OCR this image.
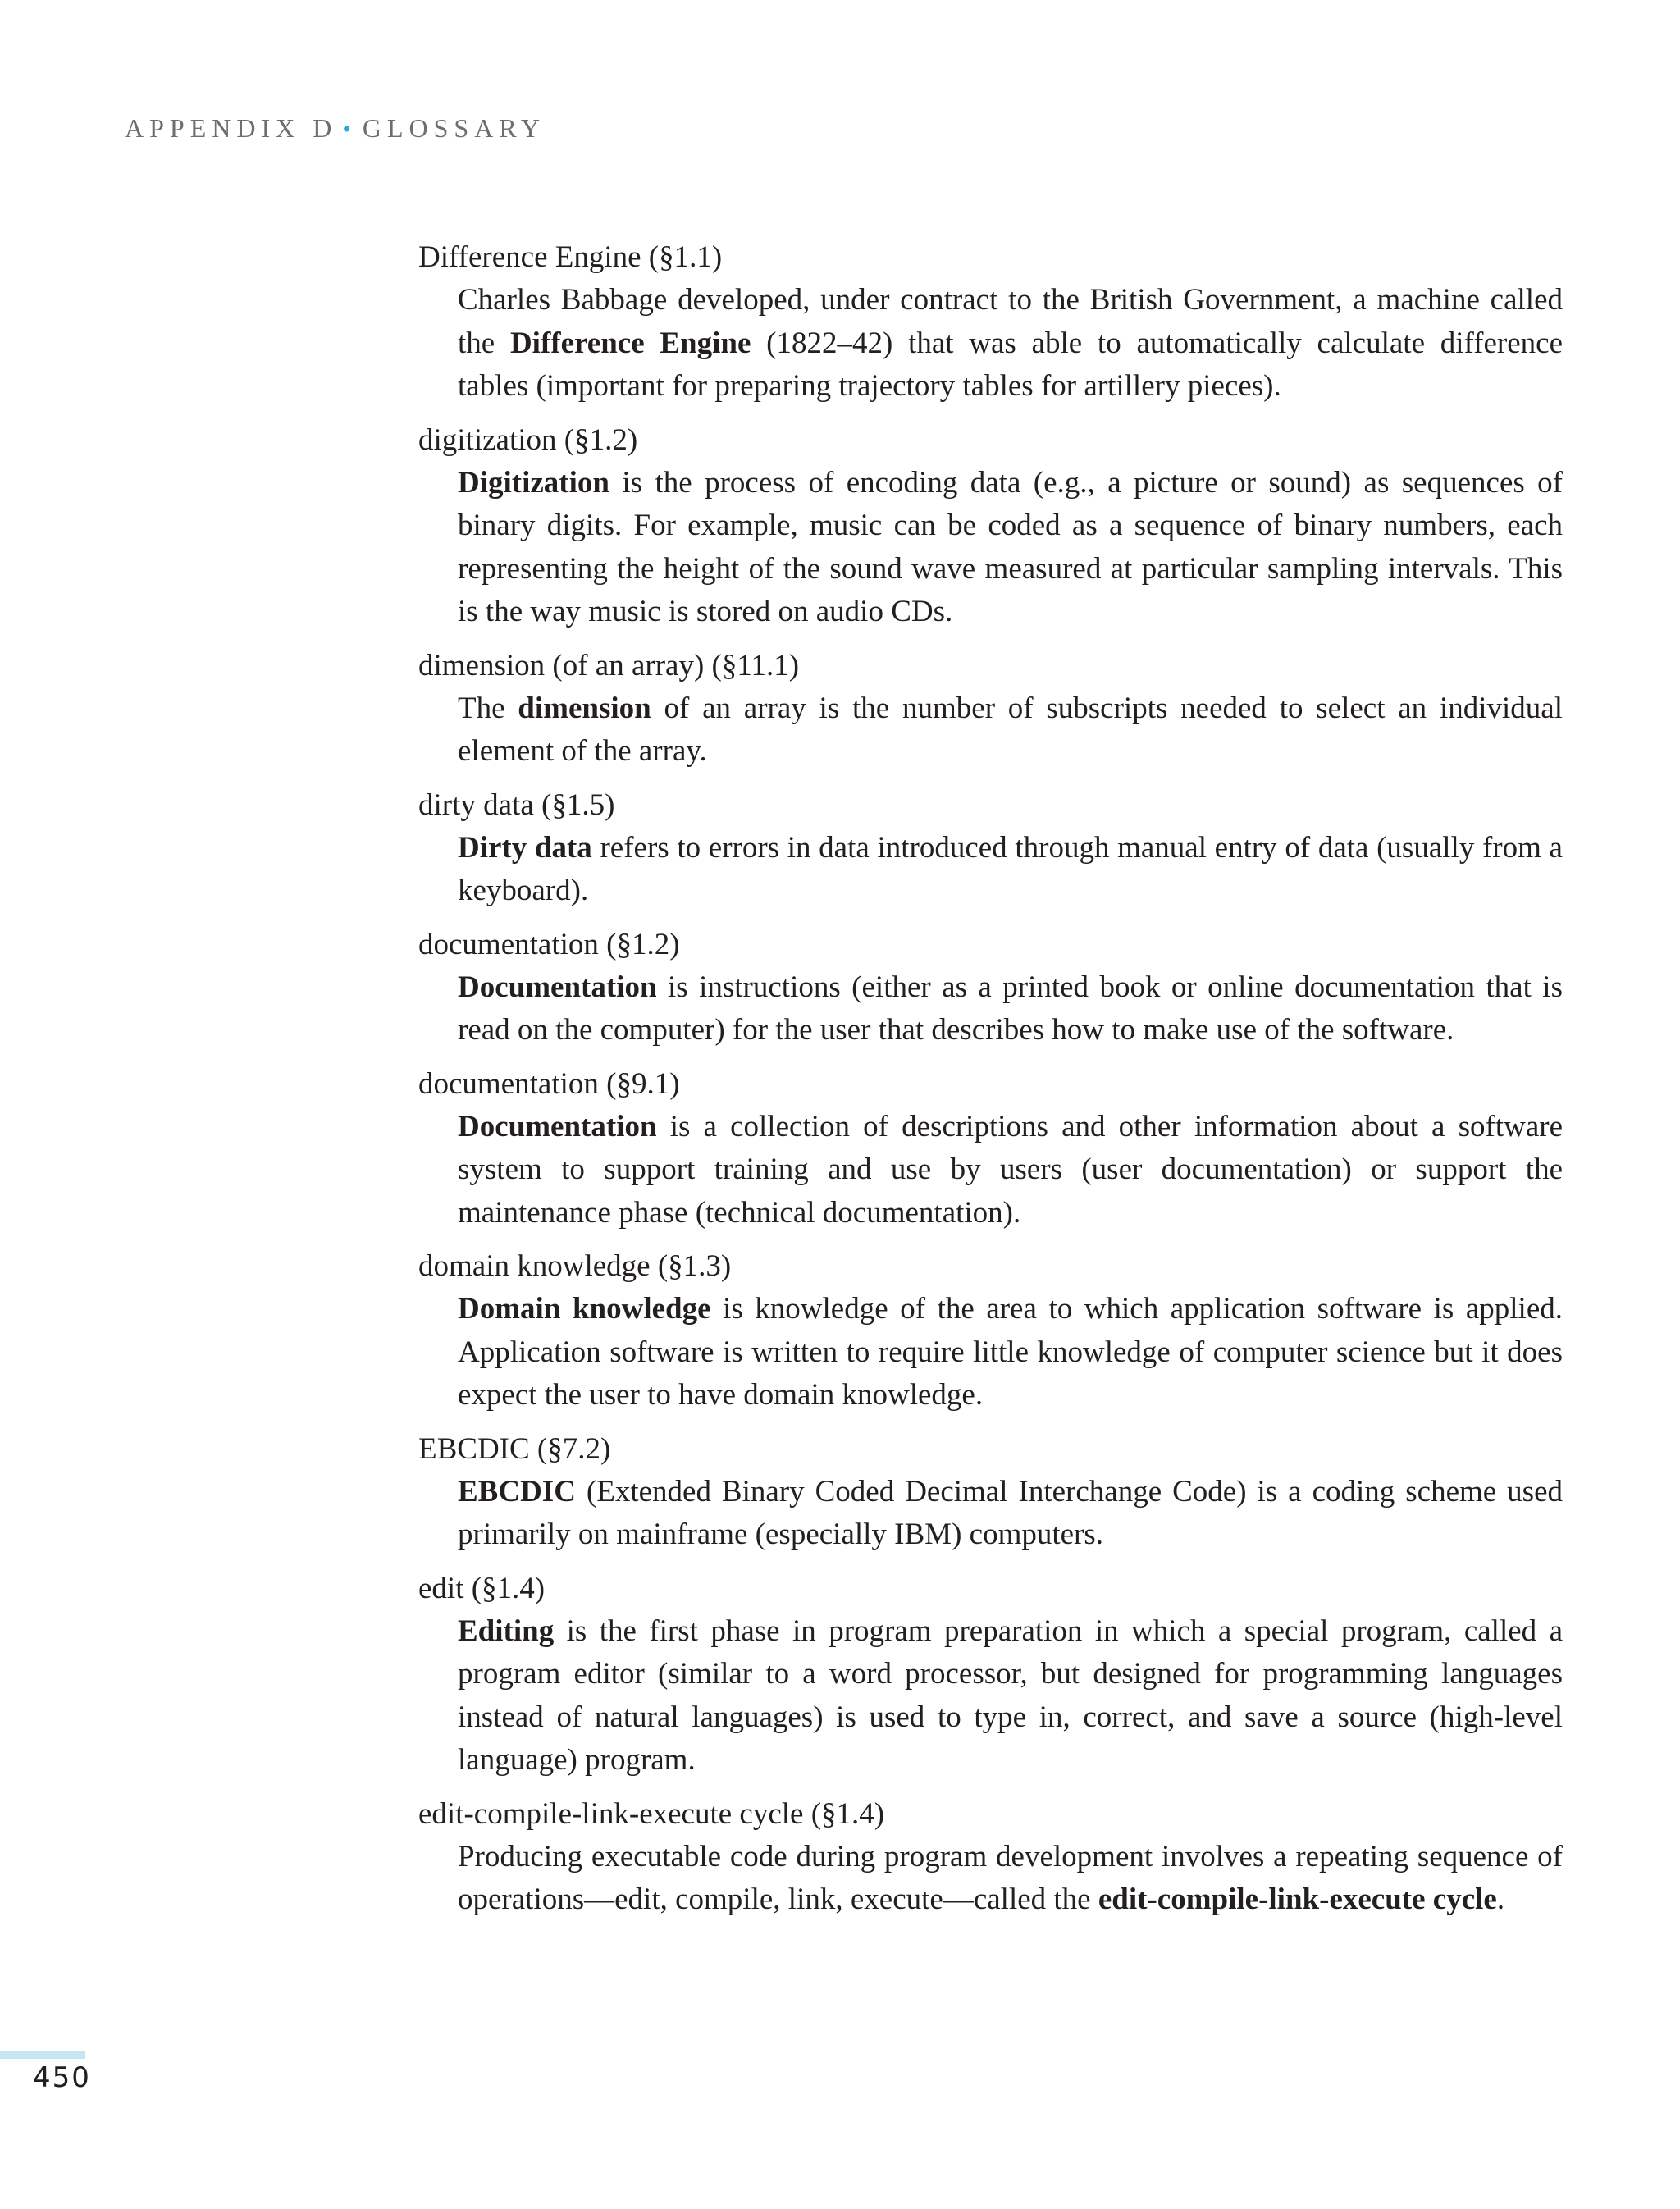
APPENDIX D • GLOSSARY
Difference Engine (§1.1)
Charles Babbage developed, under contract to the British Government, a machine called the Difference Engine (1822–42) that was able to automatically calculate difference tables (important for preparing trajectory tables for artillery pieces).
digitization (§1.2)
Digitization is the process of encoding data (e.g., a picture or sound) as sequences of binary digits. For example, music can be coded as a sequence of binary numbers, each representing the height of the sound wave measured at particular sampling intervals. This is the way music is stored on audio CDs.
dimension (of an array) (§11.1)
The dimension of an array is the number of subscripts needed to select an individual element of the array.
dirty data (§1.5)
Dirty data refers to errors in data introduced through manual entry of data (usually from a keyboard).
documentation (§1.2)
Documentation is instructions (either as a printed book or online documentation that is read on the computer) for the user that describes how to make use of the software.
documentation (§9.1)
Documentation is a collection of descriptions and other information about a software system to support training and use by users (user documentation) or support the maintenance phase (technical documentation).
domain knowledge (§1.3)
Domain knowledge is knowledge of the area to which application software is applied. Application software is written to require little knowledge of computer science but it does expect the user to have domain knowledge.
EBCDIC (§7.2)
EBCDIC (Extended Binary Coded Decimal Interchange Code) is a coding scheme used primarily on mainframe (especially IBM) computers.
edit (§1.4)
Editing is the first phase in program preparation in which a special program, called a program editor (similar to a word processor, but designed for programming languages instead of natural languages) is used to type in, correct, and save a source (high-level language) program.
edit-compile-link-execute cycle (§1.4)
Producing executable code during program development involves a repeating sequence of operations—edit, compile, link, execute—called the edit-compile-link-execute cycle.
450
